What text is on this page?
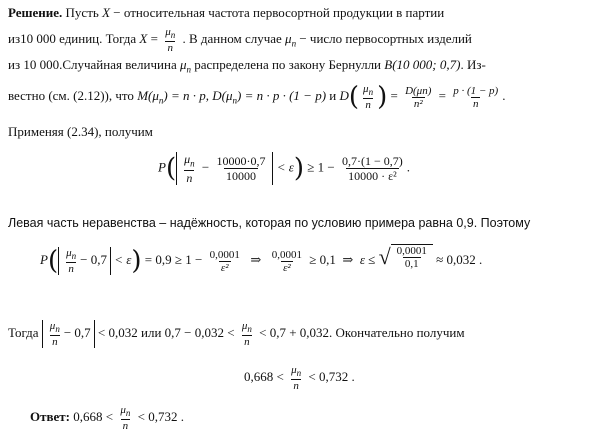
Решение. Пусть X − относительная частота первосортной продукции в партии
из10 000 единиц. Тогда $X = \frac{\mu_n}{n}$ . В данном случае $\mu_n$ − число первосортных изделий
из 10 000.Случайная величина $\mu_n$ распределена по закону Бернулли B(10 000; 0,7). Из-
вестно (см. (2.12)), что $M(\mu_n) = n \cdot p$, $D(\mu_n) = n \cdot p \cdot (1 - p)$ и $D( \frac{\mu_n}{n}$ ) = $\frac{D(\mu n)}{\text{n²}} = \frac{p \cdot (1 - p)}{n}$ .
Применяя (2.34), получим
$P( \frac{\mu_n}{n} - \frac{10000\cdot 0,7}{10000} < \varepsilon) \ge 1 - \frac{0,7\cdot(1 - 0,7)}{\text{10000 · ε²}}$ .
Левая часть неравенства – надёжность, которая по условию примера равна 0,9. Поэтому
$P( \frac{\mu_n}{n} - 0,7 < \varepsilon) = 0,9 \ge 1 - \frac{0,0001}{\text{ε²}}$ ⇒ $\frac{0,0001}{\text{ε²}} \ge 0,1$ ⇒ ε ≤ √ $\frac{0,0001}{0,1} \approx 0,032$ .
Тогда $\frac{\mu_n}{n} - 0,7 < 0,032$ или $0,7 - 0,032 < \frac{\mu_n}{n} < 0,7 + 0,032$. Окончательно получим
$0,668 < \frac{\mu_n}{n} < 0,732$ .
Ответ: $0,668 < \frac{\mu_n}{n} < 0,732$ .
